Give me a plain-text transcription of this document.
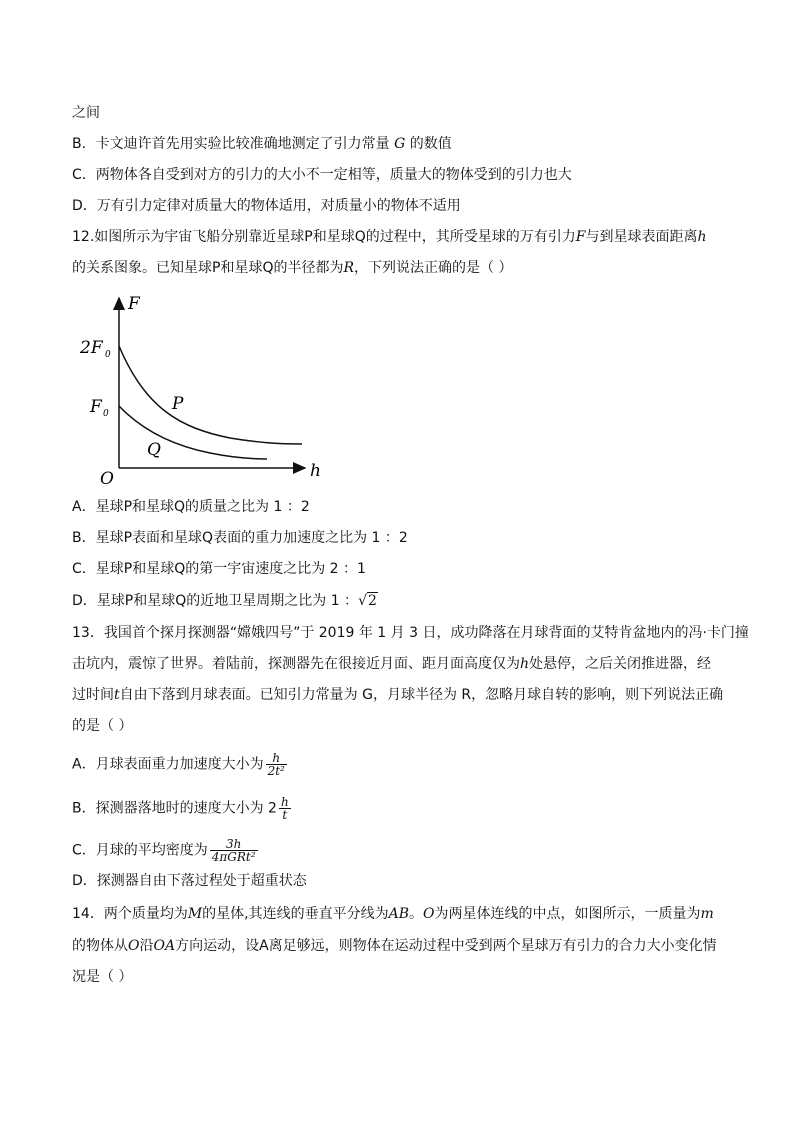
之间
B．卡文迪许首先用实验比较准确地测定了引力常量 G 的数值
C．两物体各自受到对方的引力的大小不一定相等，质量大的物体受到的引力也大
D．万有引力定律对质量大的物体适用，对质量小的物体不适用
12.如图所示为宇宙飞船分别靠近星球P和星球Q的过程中，其所受星球的万有引力F与到星球表面距离h
的关系图象。已知星球P和星球Q的半径都为R，下列说法正确的是（ ）
F
h
O
2F 0
F 0	P
Q
A．星球P和星球Q的质量之比为 1 ：2
B．星球P表面和星球Q表面的重力加速度之比为 1 ：2
C．星球P和星球Q的第一宇宙速度之比为 2 ：1
D．星球P和星球Q的近地卫星周期之比为 1 ：√2
13．我国首个探月探测器“嫦娥四号”于 2019 年 1 月 3 日，成功降落在月球背面的艾特肯盆地内的冯·卡门撞
击坑内，震惊了世界。着陆前，探测器先在很接近月面、距月面高度仅为h处悬停，之后关闭推进器，经
过时间t自由下落到月球表面。已知引力常量为 G，月球半径为 R，忽略月球自转的影响，则下列说法正确
的是（ ）
A．月球表面重力加速度大小为 $\frac{h}{\text{2t²}}$
B．探测器落地时的速度大小为 $2 \frac{h}{t}$
C．月球的平均密度为 $\frac{3h}{\text{4πGRt²}}$
D．探测器自由下落过程处于超重状态
14．两个质量均为M的星体,其连线的垂直平分线为AB。O为两星体连线的中点，如图所示，一质量为m
的物体从O沿OA方向运动，设A离足够远，则物体在运动过程中受到两个星球万有引力的合力大小变化情
况是（ ）
